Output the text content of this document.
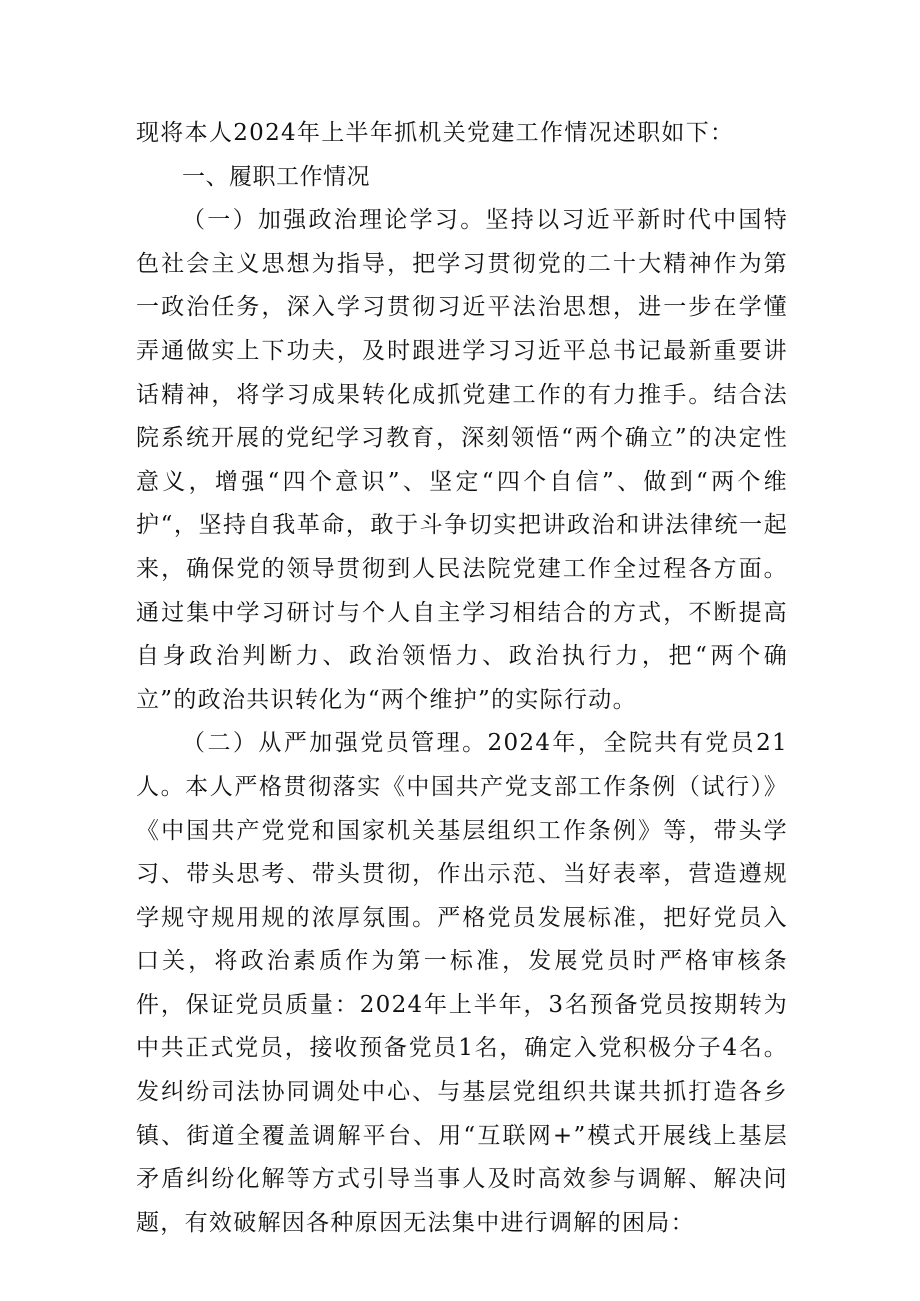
现将本人2024年上半年抓机关党建工作情况述职如下：

一、履职工作情况

（一）加强政治理论学习。坚持以习近平新时代中国特色社会主义思想为指导，把学习贯彻党的二十大精神作为第一政治任务，深入学习贯彻习近平法治思想，进一步在学懂弄通做实上下功夫，及时跟进学习习近平总书记最新重要讲话精神，将学习成果转化成抓党建工作的有力推手。结合法院系统开展的党纪学习教育，深刻领悟“两个确立”的决定性意义，增强“四个意识”、坚定“四个自信”、做到“两个维护“，坚持自我革命，敢于斗争切实把讲政治和讲法律统一起来，确保党的领导贯彻到人民法院党建工作全过程各方面。通过集中学习研讨与个人自主学习相结合的方式，不断提高自身政治判断力、政治领悟力、政治执行力，把“两个确立”的政治共识转化为“两个维护”的实际行动。

（二）从严加强党员管理。2024年，全院共有党员21人。本人严格贯彻落实《中国共产党支部工作条例（试行）》《中国共产党党和国家机关基层组织工作条例》等，带头学习、带头思考、带头贯彻，作出示范、当好表率，营造遵规学规守规用规的浓厚氛围。严格党员发展标准，把好党员入口关，将政治素质作为第一标准，发展党员时严格审核条件，保证党员质量：2024年上半年，3名预备党员按期转为中共正式党员，接收预备党员1名，确定入党积极分子4名。发纠纷司法协同调处中心、与基层党组织共谋共抓打造各乡镇、街道全覆盖调解平台、用“互联网+”模式开展线上基层矛盾纠纷化解等方式引导当事人及时高效参与调解、解决问题，有效破解因各种原因无法集中进行调解的困局：
